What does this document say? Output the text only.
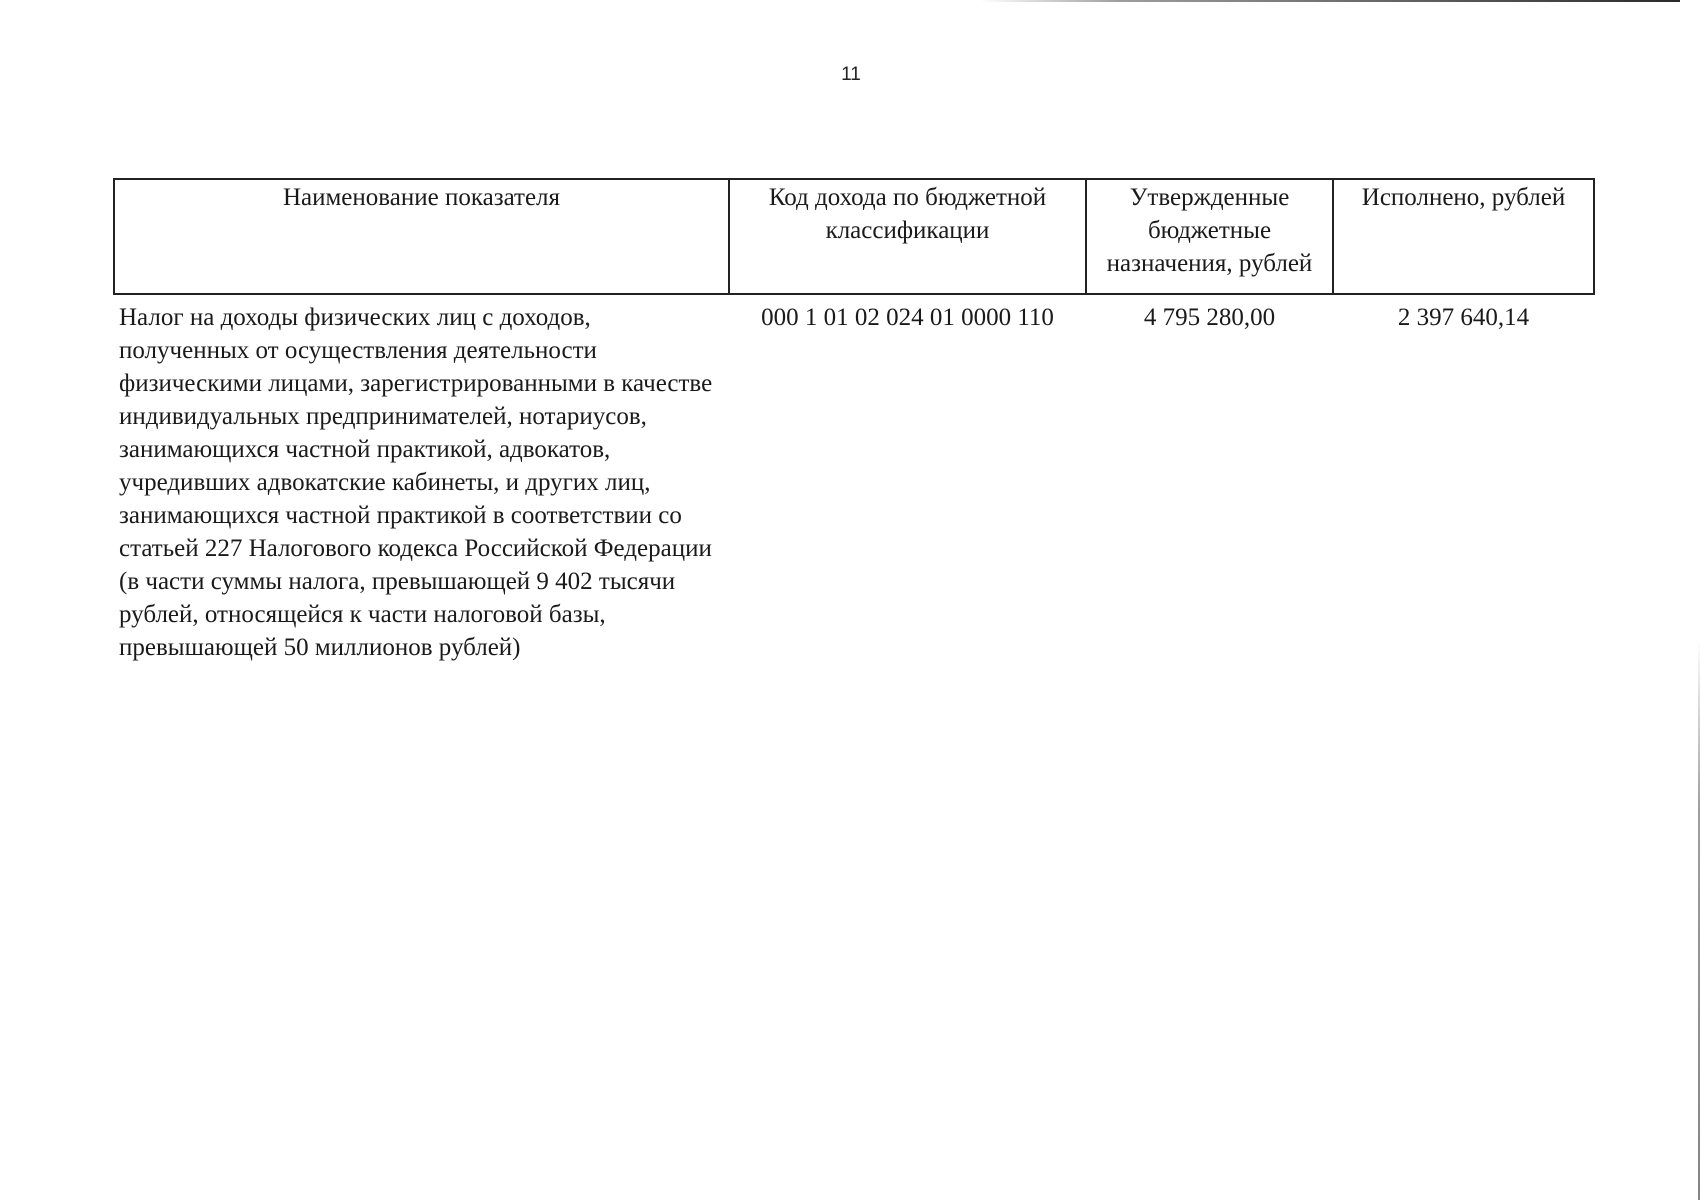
11
Наименование показателя	Код дохода по бюджетной классификации	Утвержденные бюджетные назначения, рублей	Исполнено, рублей
Налог на доходы физических лиц с доходов, полученных от осуществления деятельности физическими лицами, зарегистрированными в качестве индивидуальных предпринимателей, нотариусов, занимающихся частной практикой, адвокатов, учредивших адвокатские кабинеты, и других лиц, занимающихся частной практикой в соответствии со статьей 227 Налогового кодекса Российской Федерации (в части суммы налога, превышающей 9 402 тысячи рублей, относящейся к части налоговой базы, превышающей 50 миллионов рублей)	000 1 01 02 024 01 0000 110	4 795 280,00	2 397 640,14
